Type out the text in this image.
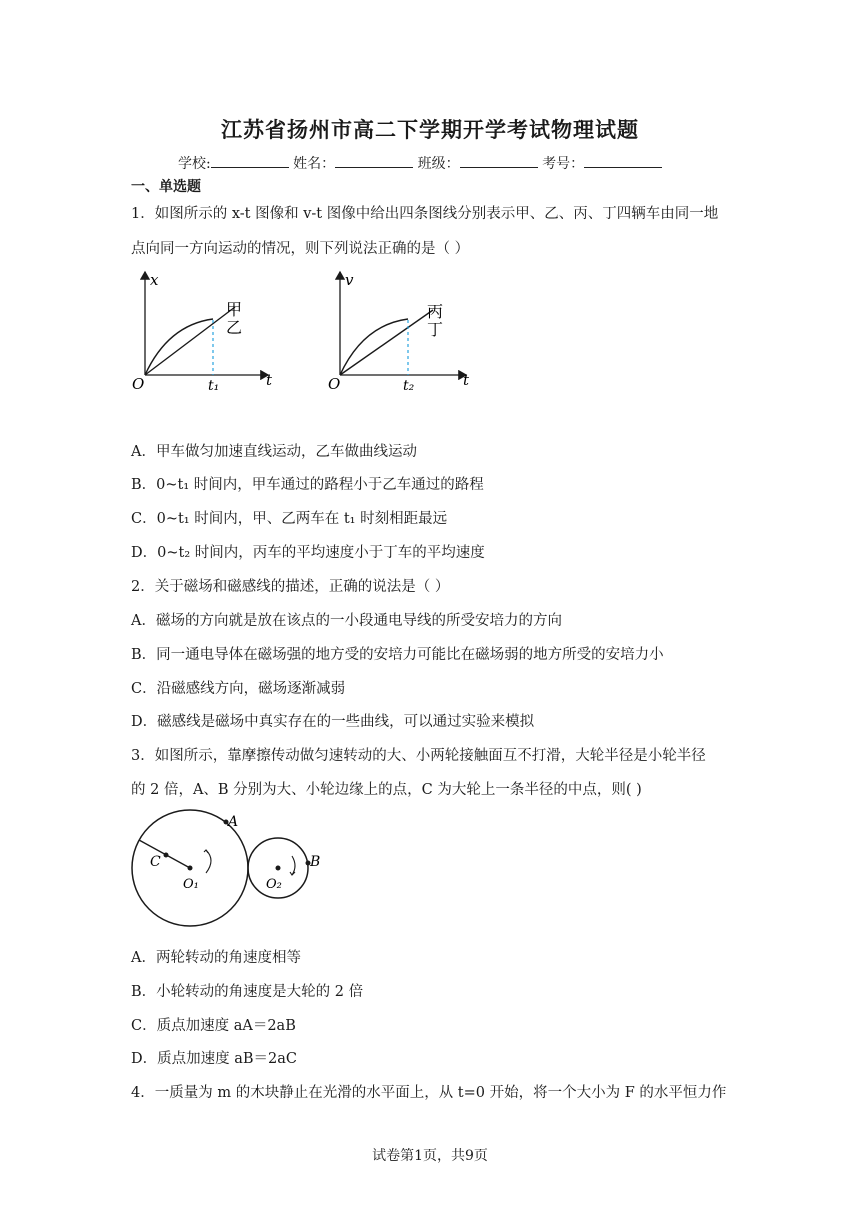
江苏省扬州市高二下学期开学考试物理试题
学校:	姓名：	班级：	考号：
一、单选题
1．如图所示的 x-t 图像和 v-t 图像中给出四条图线分别表示甲、乙、丙、丁四辆车由同一地
点向同一方向运动的情况，则下列说法正确的是（ ）
x
t
O	t₁
甲
乙
v
t
O	t₂
丙
丁
A．甲车做匀加速直线运动，乙车做曲线运动
B．0~t₁ 时间内，甲车通过的路程小于乙车通过的路程
C．0~t₁ 时间内，甲、乙两车在 t₁ 时刻相距最远
D．0~t₂ 时间内，丙车的平均速度小于丁车的平均速度
2．关于磁场和磁感线的描述，正确的说法是（ ）
A．磁场的方向就是放在该点的一小段通电导线的所受安培力的方向
B．同一通电导体在磁场强的地方受的安培力可能比在磁场弱的地方所受的安培力小
C．沿磁感线方向，磁场逐渐减弱
D．磁感线是磁场中真实存在的一些曲线，可以通过实验来模拟
3．如图所示，靠摩擦传动做匀速转动的大、小两轮接触面互不打滑，大轮半径是小轮半径
的 2 倍，A、B 分别为大、小轮边缘上的点，C 为大轮上一条半径的中点，则( )
A
B
C
O₁	O₂
A．两轮转动的角速度相等
B．小轮转动的角速度是大轮的 2 倍
C．质点加速度 aA＝2aB
D．质点加速度 aB＝2aC
4．一质量为 m 的木块静止在光滑的水平面上，从 t=0 开始，将一个大小为 F 的水平恒力作
试卷第1页，共9页
